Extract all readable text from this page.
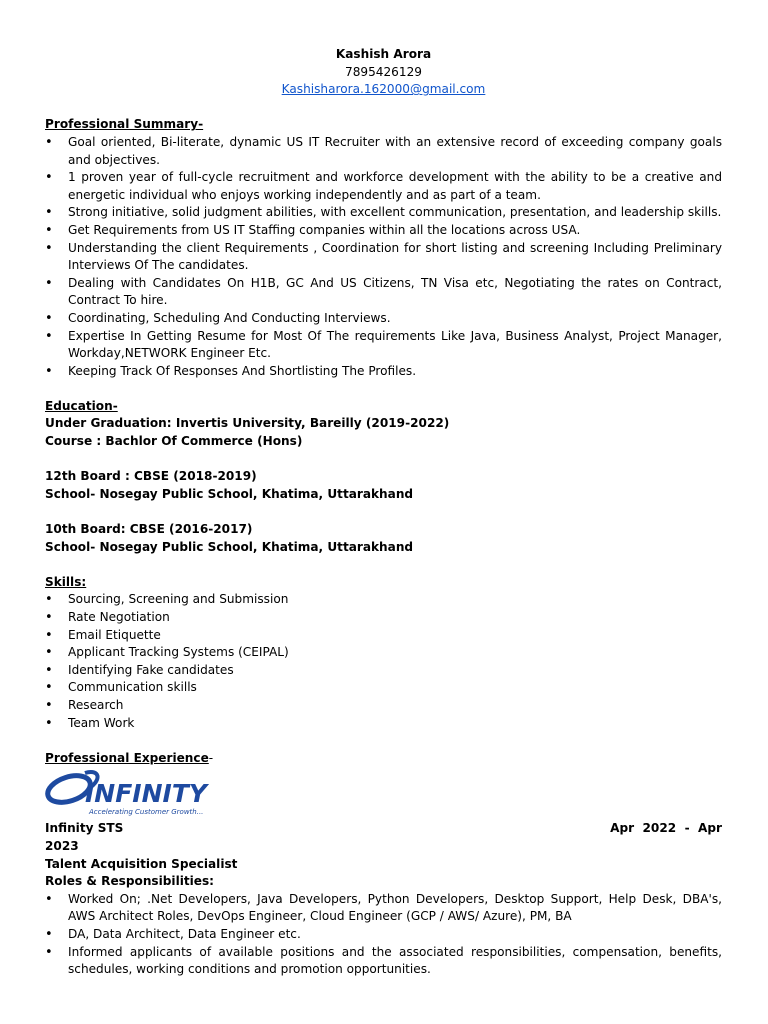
Kashish Arora
7895426129
Kashisharora.162000@gmail.com
Professional Summary-
• Goal oriented, Bi-literate, dynamic US IT Recruiter with an extensive record of exceeding company goals and objectives.
• 1 proven year of full-cycle recruitment and workforce development with the ability to be a creative and energetic individual who enjoys working independently and as part of a team.
• Strong initiative, solid judgment abilities, with excellent communication, presentation, and leadership skills.
• Get Requirements from US IT Staffing companies within all the locations across USA.
• Understanding the client Requirements , Coordination for short listing and screening Including Preliminary Interviews Of The candidates.
• Dealing with Candidates On H1B, GC And US Citizens, TN Visa etc, Negotiating the rates on Contract, Contract To hire.
• Coordinating, Scheduling And Conducting Interviews.
• Expertise In Getting Resume for Most Of The requirements Like Java, Business Analyst, Project Manager, Workday,NETWORK Engineer Etc.
• Keeping Track Of Responses And Shortlisting The Profiles.
Education-
Under Graduation: Invertis University, Bareilly (2019-2022)
Course : Bachlor Of Commerce (Hons)
12th Board : CBSE (2018-2019)
School- Nosegay Public School, Khatima, Uttarakhand
10th Board: CBSE (2016-2017)
School- Nosegay Public School, Khatima, Uttarakhand
Skills:
• Sourcing, Screening and Submission
• Rate Negotiation
• Email Etiquette
• Applicant Tracking Systems (CEIPAL)
• Identifying Fake candidates
• Communication skills
• Research
• Team Work
Professional Experience-
INFINITY
Accelerating Customer Growth...
Infinity STS	Apr  2022  -  Apr
2023
Talent Acquisition Specialist
Roles & Responsibilities:
• Worked On; .Net Developers, Java Developers, Python Developers, Desktop Support, Help Desk, DBA's, AWS Architect Roles, DevOps Engineer, Cloud Engineer (GCP / AWS/ Azure), PM, BA
• DA, Data Architect, Data Engineer etc.
• Informed applicants of available positions and the associated responsibilities, compensation, benefits, schedules, working conditions and promotion opportunities.
